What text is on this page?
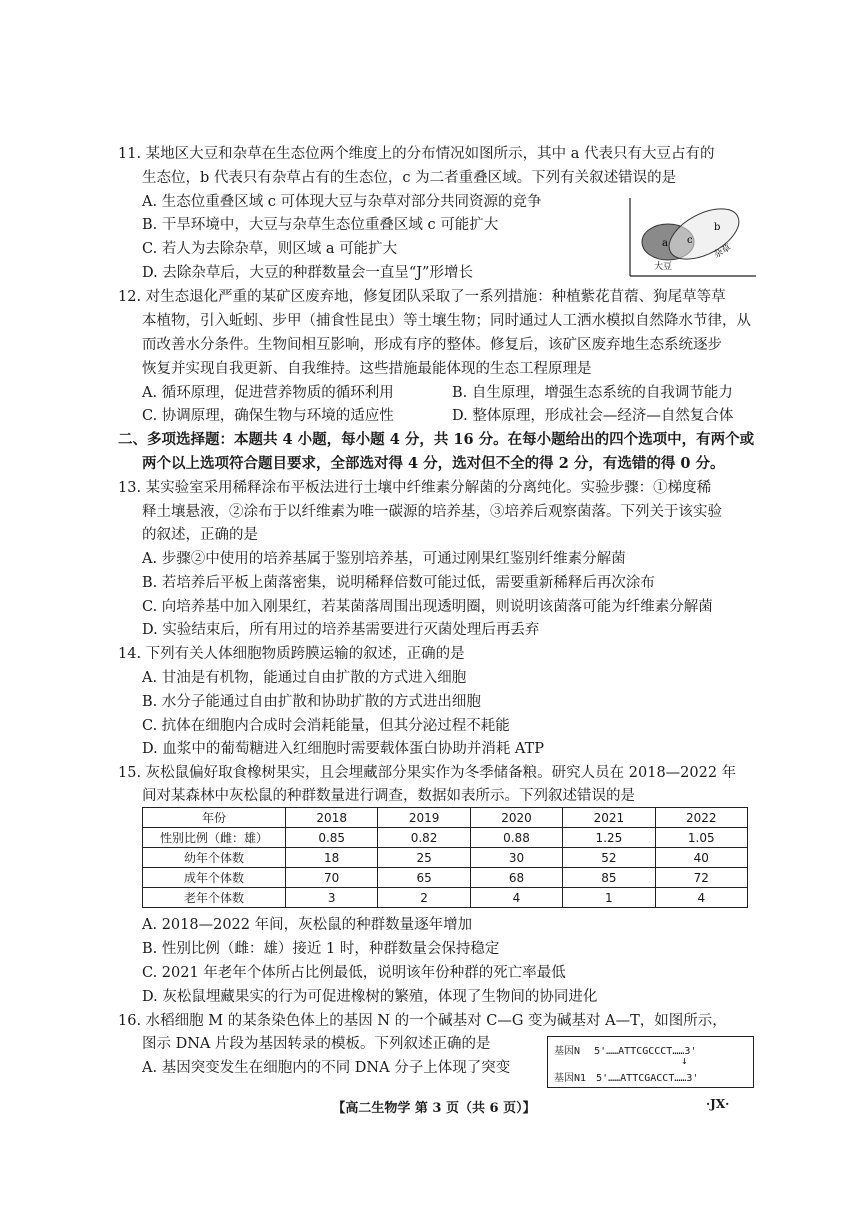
11. 某地区大豆和杂草在生态位两个维度上的分布情况如图所示，其中 a 代表只有大豆占有的
生态位，b 代表只有杂草占有的生态位，c 为二者重叠区域。下列有关叙述错误的是
A. 生态位重叠区域 c 可体现大豆与杂草对部分共同资源的竞争
B. 干旱环境中，大豆与杂草生态位重叠区域 c 可能扩大
C. 若人为去除杂草，则区域 a 可能扩大
D. 去除杂草后，大豆的种群数量会一直呈“J”形增长
a c
b
大豆
杂草
12. 对生态退化严重的某矿区废弃地，修复团队采取了一系列措施：种植紫花苜蓿、狗尾草等草
本植物，引入蚯蚓、步甲（捕食性昆虫）等土壤生物；同时通过人工洒水模拟自然降水节律，从
而改善水分条件。生物间相互影响，形成有序的整体。修复后，该矿区废弃地生态系统逐步
恢复并实现自我更新、自我维持。这些措施最能体现的生态工程原理是
A. 循环原理，促进营养物质的循环利用	B. 自生原理，增强生态系统的自我调节能力
C. 协调原理，确保生物与环境的适应性	D. 整体原理，形成社会—经济—自然复合体
二、多项选择题：本题共 4 小题，每小题 4 分，共 16 分。在每小题给出的四个选项中，有两个或
两个以上选项符合题目要求，全部选对得 4 分，选对但不全的得 2 分，有选错的得 0 分。
13. 某实验室采用稀释涂布平板法进行土壤中纤维素分解菌的分离纯化。实验步骤：①梯度稀
释土壤悬液，②涂布于以纤维素为唯一碳源的培养基，③培养后观察菌落。下列关于该实验
的叙述，正确的是
A. 步骤②中使用的培养基属于鉴别培养基，可通过刚果红鉴别纤维素分解菌
B. 若培养后平板上菌落密集，说明稀释倍数可能过低，需要重新稀释后再次涂布
C. 向培养基中加入刚果红，若某菌落周围出现透明圈，则说明该菌落可能为纤维素分解菌
D. 实验结束后，所有用过的培养基需要进行灭菌处理后再丢弃
14. 下列有关人体细胞物质跨膜运输的叙述，正确的是
A. 甘油是有机物，能通过自由扩散的方式进入细胞
B. 水分子能通过自由扩散和协助扩散的方式进出细胞
C. 抗体在细胞内合成时会消耗能量，但其分泌过程不耗能
D. 血浆中的葡萄糖进入红细胞时需要载体蛋白协助并消耗 ATP
15. 灰松鼠偏好取食橡树果实，且会埋藏部分果实作为冬季储备粮。研究人员在 2018—2022 年
间对某森林中灰松鼠的种群数量进行调查，数据如表所示。下列叙述错误的是
年份	2018	2019	2020	2021	2022
性别比例（雌：雄）	0.85	0.82	0.88	1.25	1.05
幼年个体数	18	25	30	52	40
成年个体数	70	65	68	85	72
老年个体数	3	2	4	1	4
A. 2018—2022 年间，灰松鼠的种群数量逐年增加
B. 性别比例（雌：雄）接近 1 时，种群数量会保持稳定
C. 2021 年老年个体所占比例最低，说明该年份种群的死亡率最低
D. 灰松鼠埋藏果实的行为可促进橡树的繁殖，体现了生物间的协同进化
16. 水稻细胞 M 的某条染色体上的基因 N 的一个碱基对 C—G 变为碱基对 A—T，如图所示，
图示 DNA 片段为基因转录的模板。下列叙述正确的是
A. 基因突变发生在细胞内的不同 DNA 分子上体现了突变
基因N 5'……ATTCGCCCT……3'
↓
基因N1 5'……ATTCGACCT……3'
【高二生物学 第 3 页（共 6 页）】	·JX·
